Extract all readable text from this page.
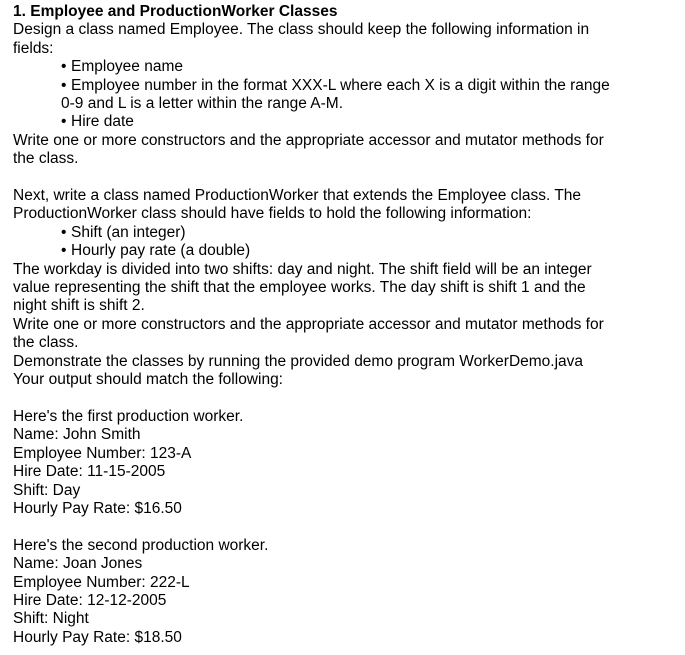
1. Employee and ProductionWorker Classes
Design a class named Employee. The class should keep the following information in
fields:
• Employee name
• Employee number in the format XXX-L where each X is a digit within the range
0-9 and L is a letter within the range A-M.
• Hire date
Write one or more constructors and the appropriate accessor and mutator methods for
the class.
Next, write a class named ProductionWorker that extends the Employee class. The
ProductionWorker class should have fields to hold the following information:
• Shift (an integer)
• Hourly pay rate (a double)
The workday is divided into two shifts: day and night. The shift field will be an integer
value representing the shift that the employee works. The day shift is shift 1 and the
night shift is shift 2.
Write one or more constructors and the appropriate accessor and mutator methods for
the class.
Demonstrate the classes by running the provided demo program WorkerDemo.java
Your output should match the following:
Here's the first production worker.
Name: John Smith
Employee Number: 123-A
Hire Date: 11-15-2005
Shift: Day
Hourly Pay Rate: $16.50
Here's the second production worker.
Name: Joan Jones
Employee Number: 222-L
Hire Date: 12-12-2005
Shift: Night
Hourly Pay Rate: $18.50
